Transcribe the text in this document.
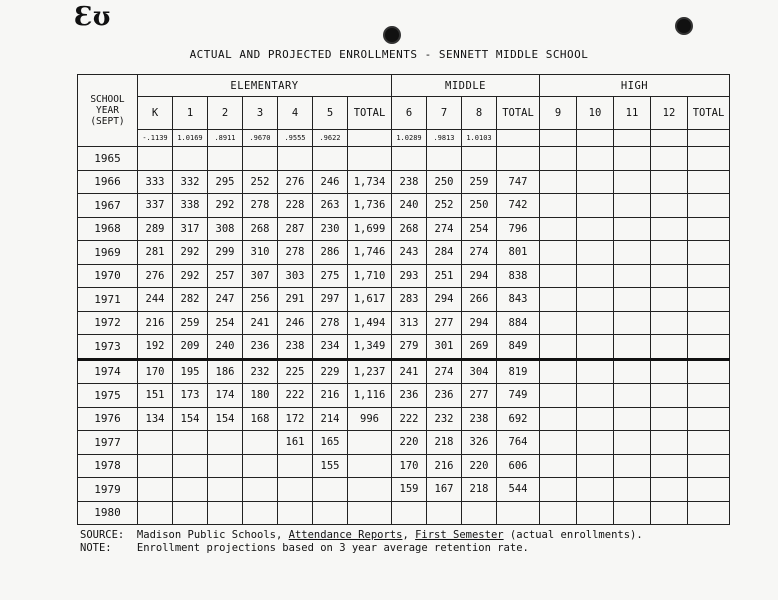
Ɛʊ
ACTUAL AND PROJECTED ENROLLMENTS - SENNETT MIDDLE SCHOOL
SCHOOL
YEAR
(SEPT)	ELEMENTARY							MIDDLE				HIGH				
	K	1	2	3	4	5	TOTAL	6	7	8	TOTAL	9	10	11	12	TOTAL
	-.1139	1.0169	.8911	.9670	.9555	.9622		1.0289	.9813	1.0103						
1965																
1966	333	332	295	252	276	246	1,734	238	250	259	747					
1967	337	338	292	278	228	263	1,736	240	252	250	742					
1968	289	317	308	268	287	230	1,699	268	274	254	796					
1969	281	292	299	310	278	286	1,746	243	284	274	801					
1970	276	292	257	307	303	275	1,710	293	251	294	838					
1971	244	282	247	256	291	297	1,617	283	294	266	843					
1972	216	259	254	241	246	278	1,494	313	277	294	884					
1973	192	209	240	236	238	234	1,349	279	301	269	849					
1974	170	195	186	232	225	229	1,237	241	274	304	819					
1975	151	173	174	180	222	216	1,116	236	236	277	749					
1976	134	154	154	168	172	214	996	222	232	238	692					
1977					161	165		220	218	326	764					
1978						155		170	216	220	606					
1979								159	167	218	544					
1980																
SOURCE: Madison Public Schools, Attendance Reports, First Semester (actual enrollments).
NOTE: Enrollment projections based on 3 year average retention rate.
